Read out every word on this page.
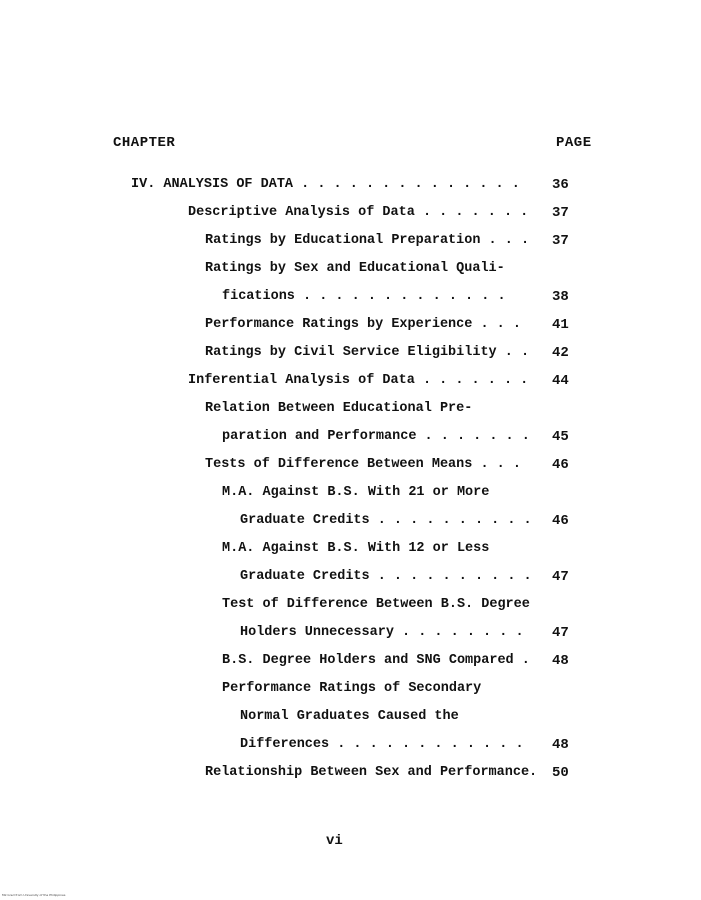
CHAPTER	PAGE
IV. ANALYSIS OF DATA . . . . . . . . . . . . . . 36
Descriptive Analysis of Data . . . . . . . 37
Ratings by Educational Preparation . . . 37
Ratings by Sex and Educational Quali-
fications . . . . . . . . . . . . .	38
Performance Ratings by Experience . . . 41
Ratings by Civil Service Eligibility . . 42
Inferential Analysis of Data . . . . . . . 44
Relation Between Educational Pre-
paration and Performance . . . . . . . 45
Tests of Difference Between Means . . . 46
M.A. Against B.S. With 21 or More
Graduate Credits . . . . . . . . . . 46
M.A. Against B.S. With 12 or Less
Graduate Credits . . . . . . . . . . 47
Test of Difference Between B.S. Degree
Holders Unnecessary . . . . . . . . 47
B.S. Degree Holders and SNG Compared . 48
Performance Ratings of Secondary
Normal Graduates Caused the
Differences . . . . . . . . . . . . 48
Relationship Between Sex and Performance. 50
vi
Mirrored from University of the Philippines
